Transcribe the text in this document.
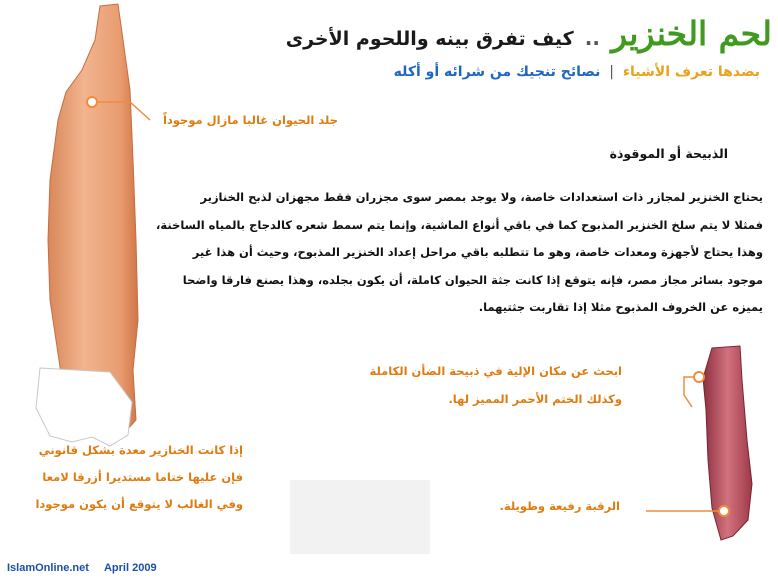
لحم الخنزير .. كيف تفرق بينه واللحوم الأخرى
بضدها تعرف الأشياء | نصائح تنجيك من شرائه أو أكله
الذبيحة أو الموقوذة
يحتاج الخنزير لمجازر ذات استعدادات خاصة، ولا يوجد بمصر سوى مجزران فقط مجهزان لذبح الخنازير
فمثلا لا يتم سلخ الخنزير المذبوح كما في باقي أنواع الماشية، وإنما يتم سمط شعره كالدجاج بالمياه الساخنة،
وهذا يحتاج لأجهزة ومعدات خاصة، وهو ما تتطلبه باقي مراحل إعداد الخنزير المذبوح، وحيث أن هذا غير
موجود بسائر مجاز مصر، فإنه يتوقع إذا كانت جثة الحيوان كاملة، أن يكون بجلده، وهذا يصنع فارقا واضحا
يميزه عن الخروف المذبوح مثلا إذا تقاربت جثتيهما.
جلد الحيوان غالبا مازال موجوداً
ابحث عن مكان الإلية في ذبيحة الضأن الكاملة
وكذلك الختم الأحمر المميز لها.
الرقبة رفيعة وطويلة.
إذا كانت الخنازير معدة بشكل قانوني
فإن عليها ختاما مستديرا أزرقا لامعا
وفي الغالب لا يتوقع أن يكون موجودا
IslamOnline.net April 2009
